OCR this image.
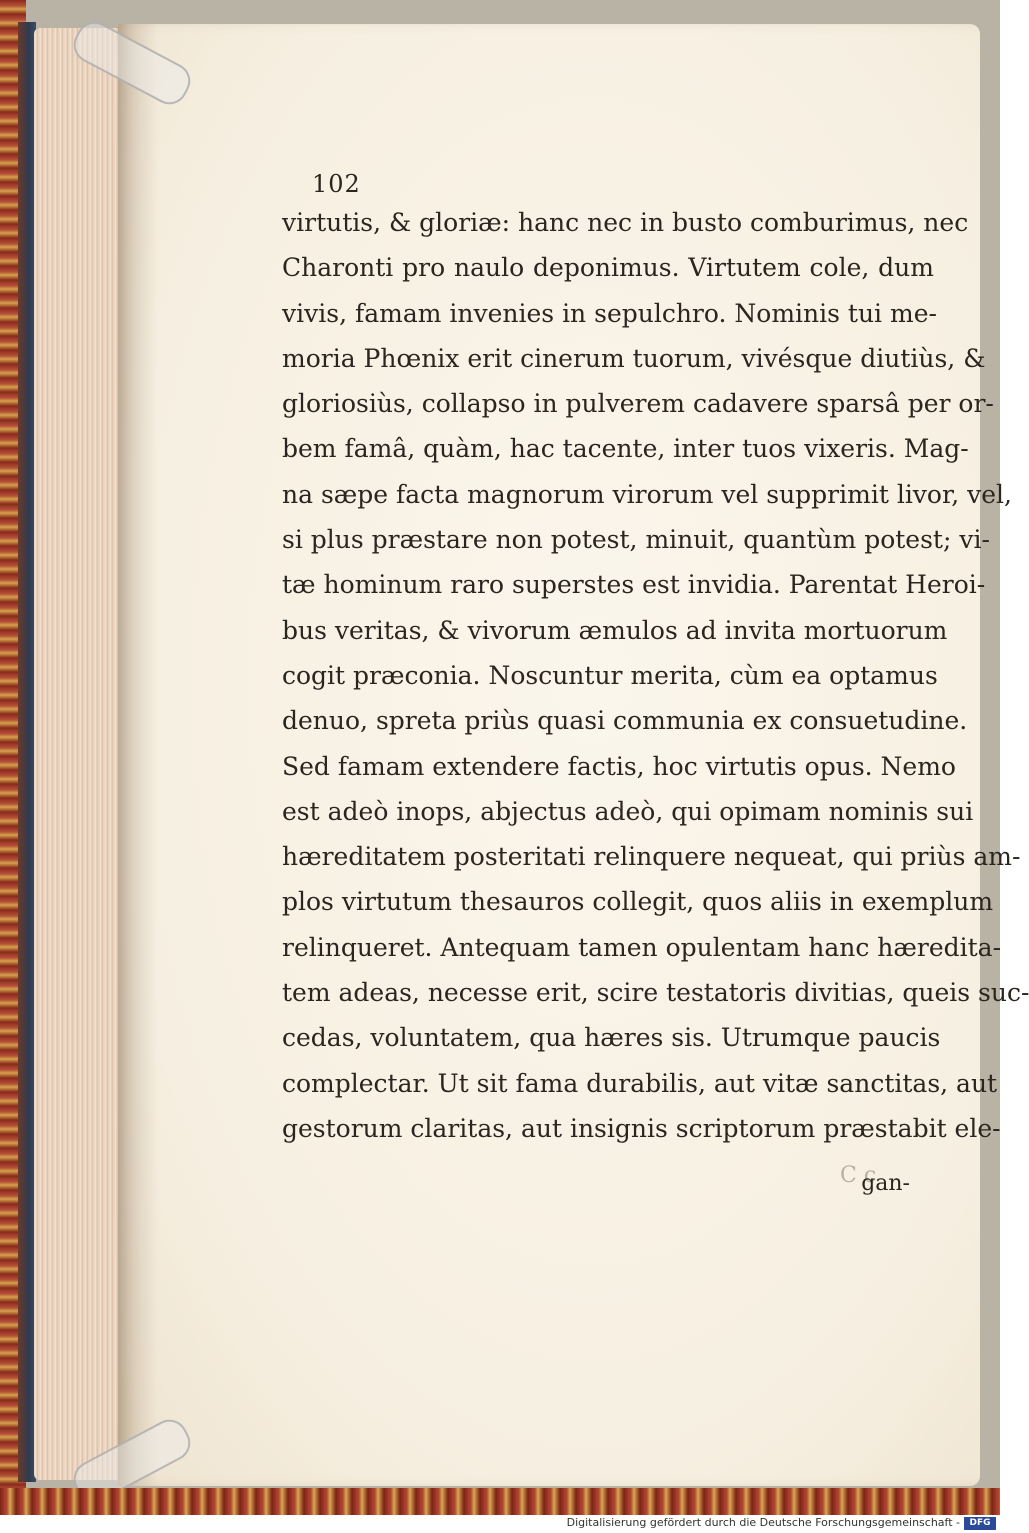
102
virtutis, & gloriæ: hanc nec in busto comburimus, nec
Charonti pro naulo deponimus. Virtutem cole, dum
vivis, famam invenies in sepulchro. Nominis tui me-
moria Phœnix erit cinerum tuorum, vivésque diutiùs, &
gloriosiùs, collapso in pulverem cadavere sparsâ per or-
bem famâ, quàm, hac tacente, inter tuos vixeris. Mag-
na sæpe facta magnorum virorum vel supprimit livor, vel,
si plus præstare non potest, minuit, quantùm potest; vi-
tæ hominum raro superstes est invidia. Parentat Heroi-
bus veritas, & vivorum æmulos ad invita mortuorum
cogit præconia. Noscuntur merita, cùm ea optamus
denuo, spreta priùs quasi communia ex consuetudine.
Sed famam extendere factis, hoc virtutis opus. Nemo
est adeò inops, abjectus adeò, qui opimam nominis sui
hæreditatem posteritati relinquere nequeat, qui priùs am-
plos virtutum thesauros collegit, quos aliis in exemplum
relinqueret. Antequam tamen opulentam hanc hæredita-
tem adeas, necesse erit, scire testatoris divitias, queis suc-
cedas, voluntatem, qua hæres sis. Utrumque paucis
complectar. Ut sit fama durabilis, aut vitæ sanctitas, aut
gestorum claritas, aut insignis scriptorum præstabit ele-
C c
gan-
Digitalisierung gefördert durch die Deutsche Forschungsgemeinschaft -	DFG
